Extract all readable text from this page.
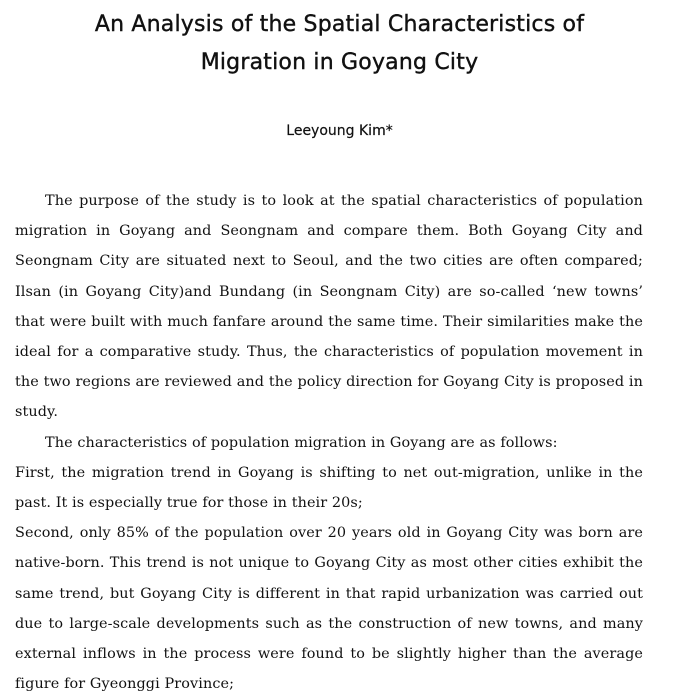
An Analysis of the Spatial Characteristics of
Migration in Goyang City

Leeyoung Kim*

The purpose of the study is to look at the spatial characteristics of population migration in Goyang and Seongnam and compare them. Both Goyang City and Seongnam City are situated next to Seoul, and the two cities are often compared; Ilsan (in Goyang City)and Bundang (in Seongnam City) are so-called ‘new towns’ that were built with much fanfare around the same time. Their similarities make the ideal for a comparative study. Thus, the characteristics of population movement in the two regions are reviewed and the policy direction for Goyang City is proposed in study.

The characteristics of population migration in Goyang are as follows:

First, the migration trend in Goyang is shifting to net out-migration, unlike in the past. It is especially true for those in their 20s;

Second, only 85% of the population over 20 years old in Goyang City was born are native-born. This trend is not unique to Goyang City as most other cities exhibit the same trend, but Goyang City is different in that rapid urbanization was carried out due to large-scale developments such as the construction of new towns, and many external inflows in the process were found to be slightly higher than the average figure for Gyeonggi Province;
